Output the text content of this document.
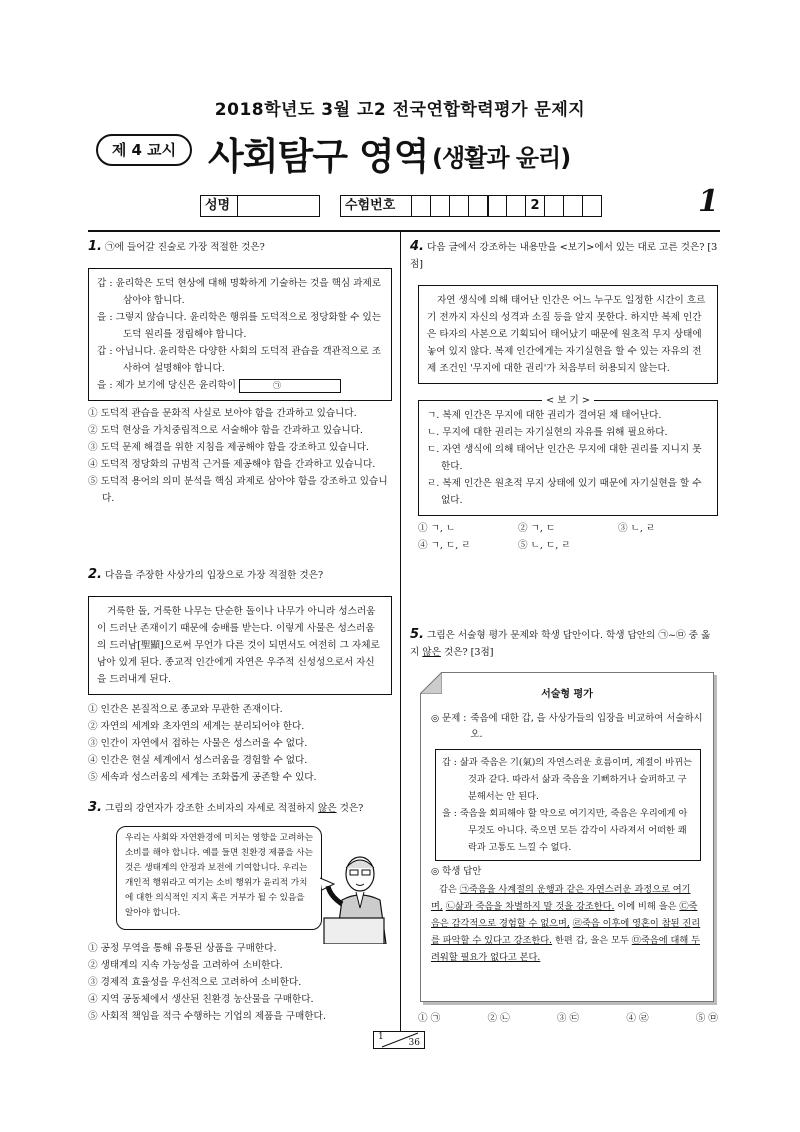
2018학년도 3월 고2 전국연합학력평가 문제지
제 4 교시 사회탐구 영역 (생활과 윤리)
성명	수험번호	2	1
1. ㉠에 들어갈 진술로 가장 적절한 것은?
갑 : 윤리학은 도덕 현상에 대해 명확하게 기술하는 것을 핵심 과제로 삼아야 합니다.
을 : 그렇지 않습니다. 윤리학은 행위를 도덕적으로 정당화할 수 있는 도덕 원리를 정립해야 합니다.
갑 : 아닙니다. 윤리학은 다양한 사회의 도덕적 관습을 객관적으로 조사하여 설명해야 합니다.
을 : 제가 보기에 당신은 윤리학이	㉠
① 도덕적 관습을 문화적 사실로 보아야 함을 간과하고 있습니다.
② 도덕 현상을 가치중립적으로 서술해야 함을 간과하고 있습니다.
③ 도덕 문제 해결을 위한 지침을 제공해야 함을 강조하고 있습니다.
④ 도덕적 정당화의 규범적 근거를 제공해야 함을 간과하고 있습니다.
⑤ 도덕적 용어의 의미 분석을 핵심 과제로 삼아야 함을 강조하고 있습니다.
2. 다음을 주장한 사상가의 입장으로 가장 적절한 것은?
거룩한 돌, 거룩한 나무는 단순한 돌이나 나무가 아니라 성스러움이 드러난 존재이기 때문에 숭배를 받는다. 이렇게 사물은 성스러움의 드러남[聖顯]으로써 무언가 다른 것이 되면서도 여전히 그 자체로 남아 있게 된다. 종교적 인간에게 자연은 우주적 신성성으로서 자신을 드러내게 된다.
① 인간은 본질적으로 종교와 무관한 존재이다.
② 자연의 세계와 초자연의 세계는 분리되어야 한다.
③ 인간이 자연에서 접하는 사물은 성스러울 수 없다.
④ 인간은 현실 세계에서 성스러움을 경험할 수 없다.
⑤ 세속과 성스러움의 세계는 조화롭게 공존할 수 있다.
3. 그림의 강연자가 강조한 소비자의 자세로 적절하지 않은 것은?
우리는 사회와 자연환경에 미치는 영향을 고려하는 소비를 해야 합니다. 예를 들면 친환경 제품을 사는 것은 생태계의 안정과 보전에 기여합니다. 우리는 개인적 행위라고 여기는 소비 행위가 윤리적 가치에 대한 의식적인 지지 혹은 거부가 될 수 있음을 알아야 합니다.
① 공정 무역을 통해 유통된 상품을 구매한다.
② 생태계의 지속 가능성을 고려하여 소비한다.
③ 경제적 효율성을 우선적으로 고려하여 소비한다.
④ 지역 공동체에서 생산된 친환경 농산물을 구매한다.
⑤ 사회적 책임을 적극 수행하는 기업의 제품을 구매한다.
4. 다음 글에서 강조하는 내용만을 <보기>에서 있는 대로 고른 것은? [3점]
자연 생식에 의해 태어난 인간은 어느 누구도 일정한 시간이 흐르기 전까지 자신의 성격과 소질 등을 알지 못한다. 하지만 복제 인간은 타자의 사본으로 기획되어 태어났기 때문에 원초적 무지 상태에 놓여 있지 않다. 복제 인간에게는 자기실현을 할 수 있는 자유의 전제 조건인 '무지에 대한 권리'가 처음부터 허용되지 않는다.
< 보 기 >
ㄱ. 복제 인간은 무지에 대한 권리가 결여된 채 태어난다.
ㄴ. 무지에 대한 권리는 자기실현의 자유를 위해 필요하다.
ㄷ. 자연 생식에 의해 태어난 인간은 무지에 대한 권리를 지니지 못한다.
ㄹ. 복제 인간은 원초적 무지 상태에 있기 때문에 자기실현을 할 수 없다.
① ㄱ, ㄴ	② ㄱ, ㄷ	③ ㄴ, ㄹ
④ ㄱ, ㄷ, ㄹ	⑤ ㄴ, ㄷ, ㄹ
5. 그림은 서술형 평가 문제와 학생 답안이다. 학생 답안의 ㉠~㉤ 중 옳지 않은 것은? [3점]
서술형 평가
◎ 문제 : 죽음에 대한 갑, 을 사상가들의 입장을 비교하여 서술하시오.
갑 : 삶과 죽음은 기(氣)의 자연스러운 흐름이며, 계절이 바뀌는 것과 같다. 따라서 삶과 죽음을 기뻐하거나 슬퍼하고 구분해서는 안 된다.
을 : 죽음을 회피해야 할 악으로 여기지만, 죽음은 우리에게 아무것도 아니다. 죽으면 모든 감각이 사라져서 어떠한 쾌락과 고통도 느낄 수 없다.
◎ 학생 답안
갑은 ㉠죽음을 사계절의 운행과 같은 자연스러운 과정으로 여기며, ㉡삶과 죽음을 차별하지 말 것을 강조한다. 이에 비해 을은 ㉢죽음은 감각적으로 경험할 수 없으며, ㉣죽음 이후에 영혼이 참된 진리를 파악할 수 있다고 강조한다. 한편 갑, 을은 모두 ㉤죽음에 대해 두려워할 필요가 없다고 본다.
① ㉠	② ㉡	③ ㉢	④ ㉣	⑤ ㉤
1
36
